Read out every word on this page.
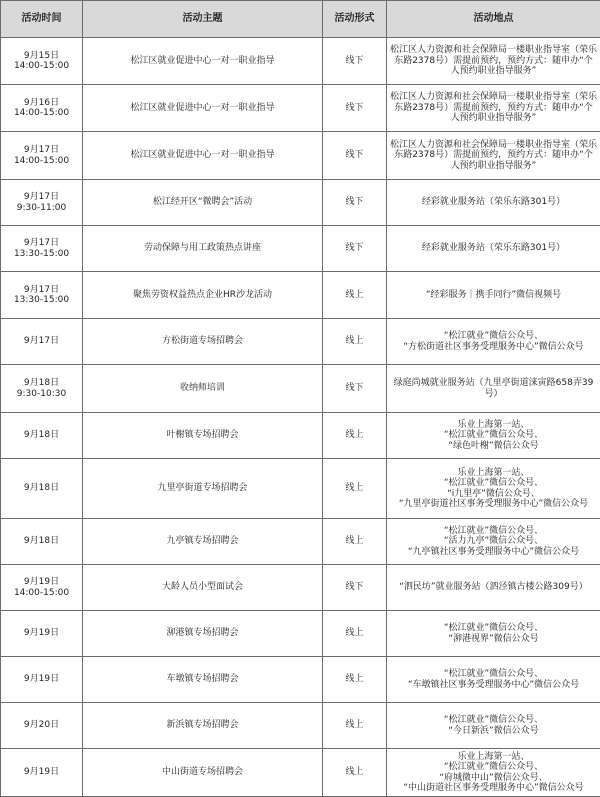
活动时间	活动主题	活动形式	活动地点

9月15日
14:00-15:00	松江区就业促进中心一对一职业指导	线下	松江区人力资源和社会保障局一楼职业指导室（荣乐东路2378号）需提前预约，预约方式：随申办“个人预约职业指导服务”

9月16日
14:00-15:00	松江区就业促进中心一对一职业指导	线下	松江区人力资源和社会保障局一楼职业指导室（荣乐东路2378号）需提前预约，预约方式：随申办“个人预约职业指导服务”

9月17日
14:00-15:00	松江区就业促进中心一对一职业指导	线下	松江区人力资源和社会保障局一楼职业指导室（荣乐东路2378号）需提前预约，预约方式：随申办“个人预约职业指导服务”

9月17日
9:30-11:00	松江经开区“微聘会”活动	线下	经彩就业服务站（荣乐东路301号）

9月17日
13:30-15:00	劳动保障与用工政策热点讲座	线下	经彩就业服务站（荣乐东路301号）

9月17日
13:30-15:00	聚焦劳资权益热点企业HR沙龙活动	线上	“经彩服务｜携手同行”微信视频号

9月17日	方松街道专场招聘会	线上	“松江就业”微信公众号、
“方松街道社区事务受理服务中心”微信公众号

9月18日
9:30-10:30	收纳师培训	线下	绿庭尚城就业服务站（九里亭街道涞寅路658弄39号）

9月18日	叶榭镇专场招聘会	线上	乐业上海第一站、
“松江就业”微信公众号、
“绿色叶榭”微信公众号

9月18日	九里亭街道专场招聘会	线上	乐业上海第一站、
“松江就业”微信公众号、
“i九里亭”微信公众号、
“九里亭街道社区事务受理服务中心”微信公众号

9月18日	九亭镇专场招聘会	线上	“松江就业”微信公众号、
“活力九亭”微信公众号、
“九亭镇社区事务受理服务中心”微信公众号

9月19日
14:00-15:00	大龄人员小型面试会	线下	“泗民坊”就业服务站（泗泾镇古楼公路309号）

9月19日	泖港镇专场招聘会	线上	“松江就业”微信公众号、
“泖港视界”微信公众号

9月19日	车墩镇专场招聘会	线上	“松江就业”微信公众号、
“车墩镇社区事务受理服务中心”微信公众号

9月20日	新浜镇专场招聘会	线上	“松江就业”微信公众号、
“今日新浜”微信公众号

9月19日	中山街道专场招聘会	线上	乐业上海第一站、
“松江就业”微信公众号、
“府城微中山”微信公众号、
“中山街道社区事务受理服务中心”微信公众号
